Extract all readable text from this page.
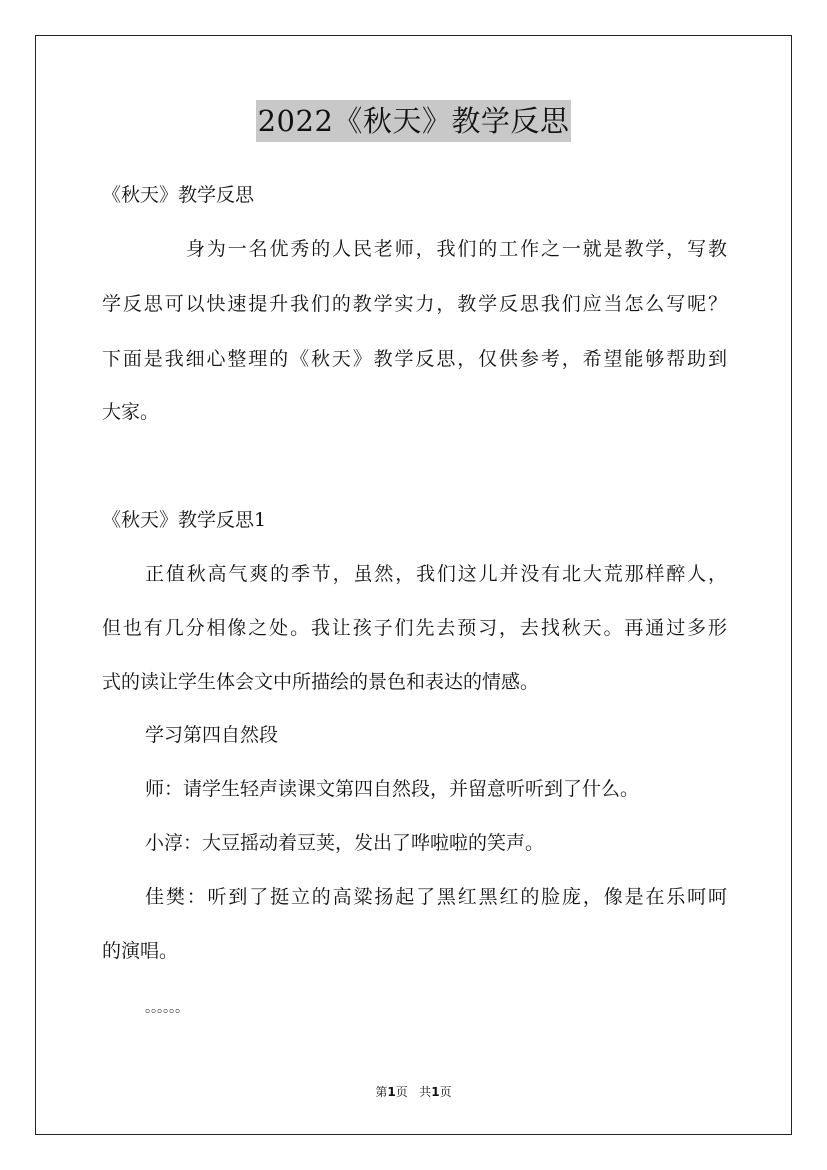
2022《秋天》教学反思
《秋天》教学反思
身为一名优秀的人民老师，我们的工作之一就是教学，写教
学反思可以快速提升我们的教学实力，教学反思我们应当怎么写呢？
下面是我细心整理的《秋天》教学反思，仅供参考，希望能够帮助到
大家。
《秋天》教学反思1
正值秋高气爽的季节，虽然，我们这儿并没有北大荒那样醉人，
但也有几分相像之处。我让孩子们先去预习，去找秋天。再通过多形
式的读让学生体会文中所描绘的景色和表达的情感。
学习第四自然段
师：请学生轻声读课文第四自然段，并留意听听到了什么。
小淳：大豆摇动着豆荚，发出了哗啦啦的笑声。
佳樊：听到了挺立的高粱扬起了黑红黑红的脸庞，像是在乐呵呵
的演唱。
。。。。。。
第1页 共1页
